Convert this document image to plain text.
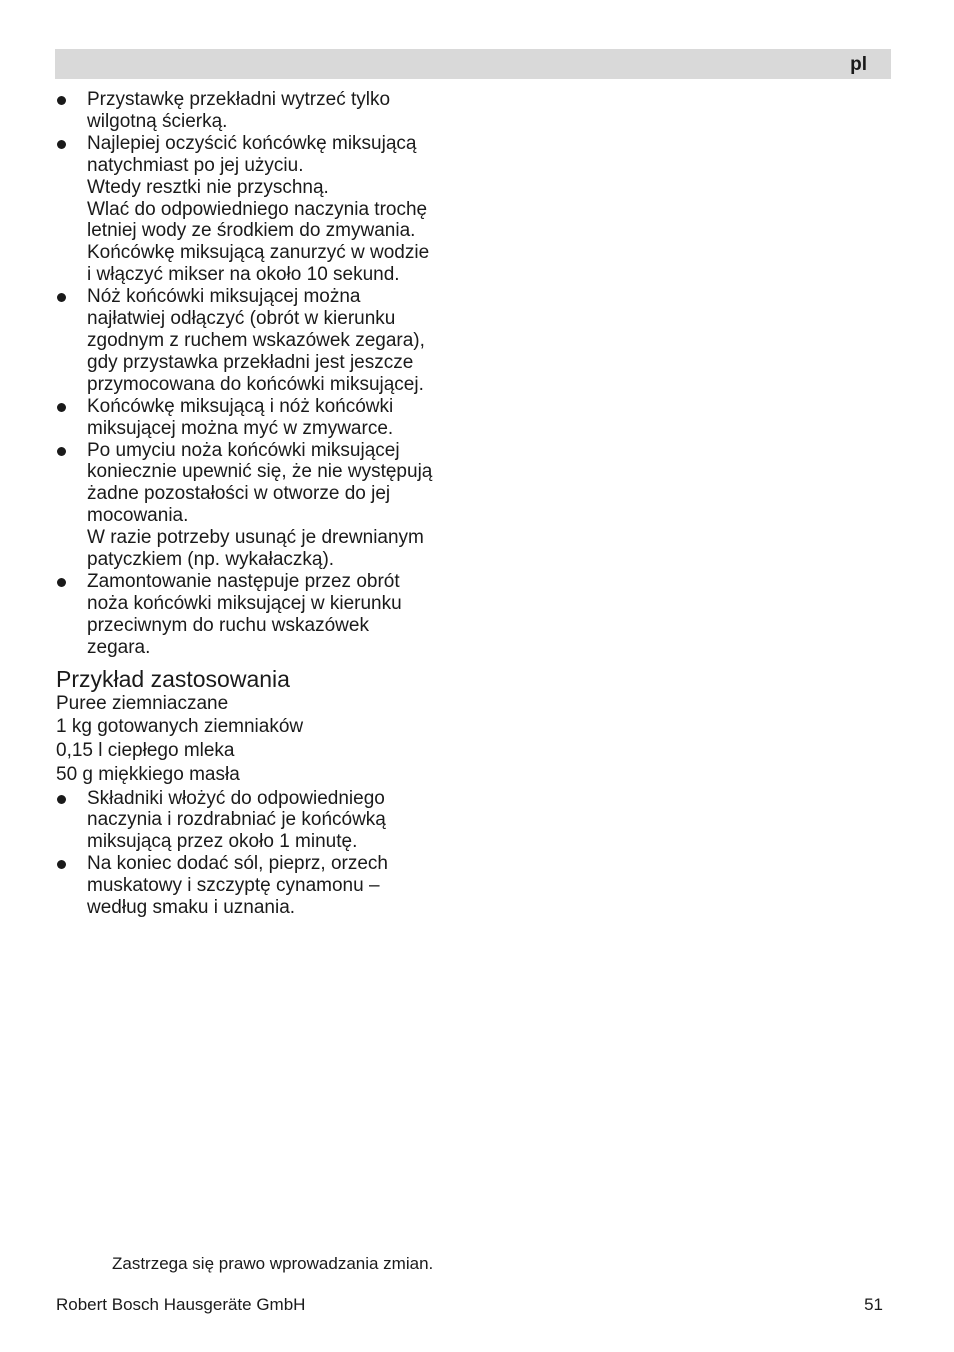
pl
Przystawkę przekładni wytrzeć tylko
wilgotną ścierką.
Najlepiej oczyścić końcówkę miksującą
natychmiast po jej użyciu.
Wtedy resztki nie przyschną.
Wlać do odpowiedniego naczynia trochę
letniej wody ze środkiem do zmywania.
Końcówkę miksującą zanurzyć w wodzie
i włączyć mikser na około 10 sekund.
Nóż końcówki miksującej można
najłatwiej odłączyć (obrót w kierunku
zgodnym z ruchem wskazówek zegara),
gdy przystawka przekładni jest jeszcze
przymocowana do końcówki miksującej.
Końcówkę miksującą i nóż końcówki
miksującej można myć w zmywarce.
Po umyciu noża końcówki miksującej
koniecznie upewnić się, że nie występują
żadne pozostałości w otworze do jej
mocowania.
W razie potrzeby usunąć je drewnianym
patyczkiem (np. wykałaczką).
Zamontowanie następuje przez obrót
noża końcówki miksującej w kierunku
przeciwnym do ruchu wskazówek
zegara.
Przykład zastosowania
Puree ziemniaczane
1 kg gotowanych ziemniaków
0,15 l ciepłego mleka
50 g miękkiego masła
Składniki włożyć do odpowiedniego
naczynia i rozdrabniać je końcówką
miksującą przez około 1 minutę.
Na koniec dodać sól, pieprz, orzech
muskatowy i szczyptę cynamonu –
według smaku i uznania.
Zastrzega się prawo wprowadzania zmian.
Robert Bosch Hausgeräte GmbH	51
